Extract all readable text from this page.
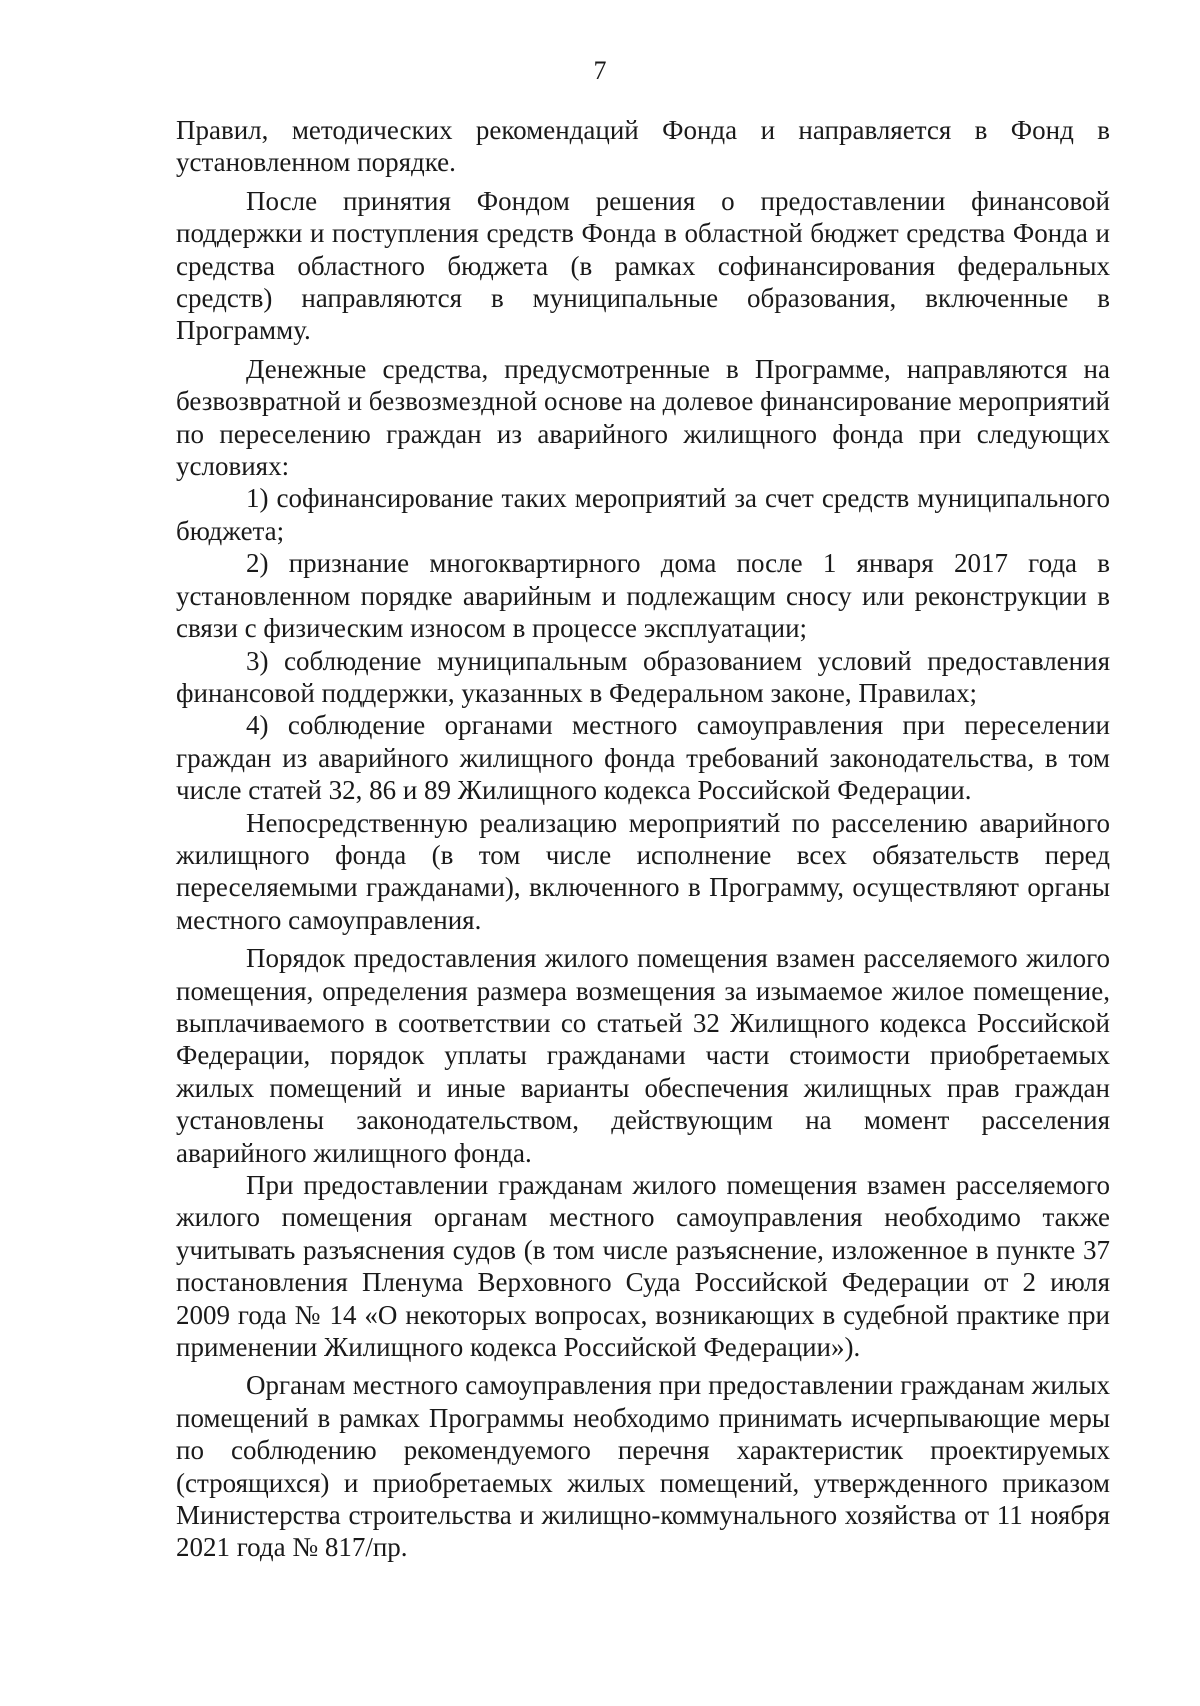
7

Правил, методических рекомендаций Фонда и направляется в Фонд в установленном порядке.

После принятия Фондом решения о предоставлении финансовой поддержки и поступления средств Фонда в областной бюджет средства Фонда и средства областного бюджета (в рамках софинансирования федеральных средств) направляются в муниципальные образования, включенные в Программу.

Денежные средства, предусмотренные в Программе, направляются на безвозвратной и безвозмездной основе на долевое финансирование мероприятий по переселению граждан из аварийного жилищного фонда при следующих условиях:

1) софинансирование таких мероприятий за счет средств муниципального бюджета;

2) признание многоквартирного дома после 1 января 2017 года в установленном порядке аварийным и подлежащим сносу или реконструкции в связи с физическим износом в процессе эксплуатации;

3) соблюдение муниципальным образованием условий предоставления финансовой поддержки, указанных в Федеральном законе, Правилах;

4) соблюдение органами местного самоуправления при переселении граждан из аварийного жилищного фонда требований законодательства, в том числе статей 32, 86 и 89 Жилищного кодекса Российской Федерации.

Непосредственную реализацию мероприятий по расселению аварийного жилищного фонда (в том числе исполнение всех обязательств перед переселяемыми гражданами), включенного в Программу, осуществляют органы местного самоуправления.

Порядок предоставления жилого помещения взамен расселяемого жилого помещения, определения размера возмещения за изымаемое жилое помещение, выплачиваемого в соответствии со статьей 32 Жилищного кодекса Российской Федерации, порядок уплаты гражданами части стоимости приобретаемых жилых помещений и иные варианты обеспечения жилищных прав граждан установлены законодательством, действующим на момент расселения аварийного жилищного фонда.

При предоставлении гражданам жилого помещения взамен расселяемого жилого помещения органам местного самоуправления необходимо также учитывать разъяснения судов (в том числе разъяснение, изложенное в пункте 37 постановления Пленума Верховного Суда Российской Федерации от 2 июля 2009 года № 14 «О некоторых вопросах, возникающих в судебной практике при применении Жилищного кодекса Российской Федерации»).

Органам местного самоуправления при предоставлении гражданам жилых помещений в рамках Программы необходимо принимать исчерпывающие меры по соблюдению рекомендуемого перечня характеристик проектируемых (строящихся) и приобретаемых жилых помещений, утвержденного приказом Министерства строительства и жилищно-коммунального хозяйства от 11 ноября 2021 года № 817/пр.
